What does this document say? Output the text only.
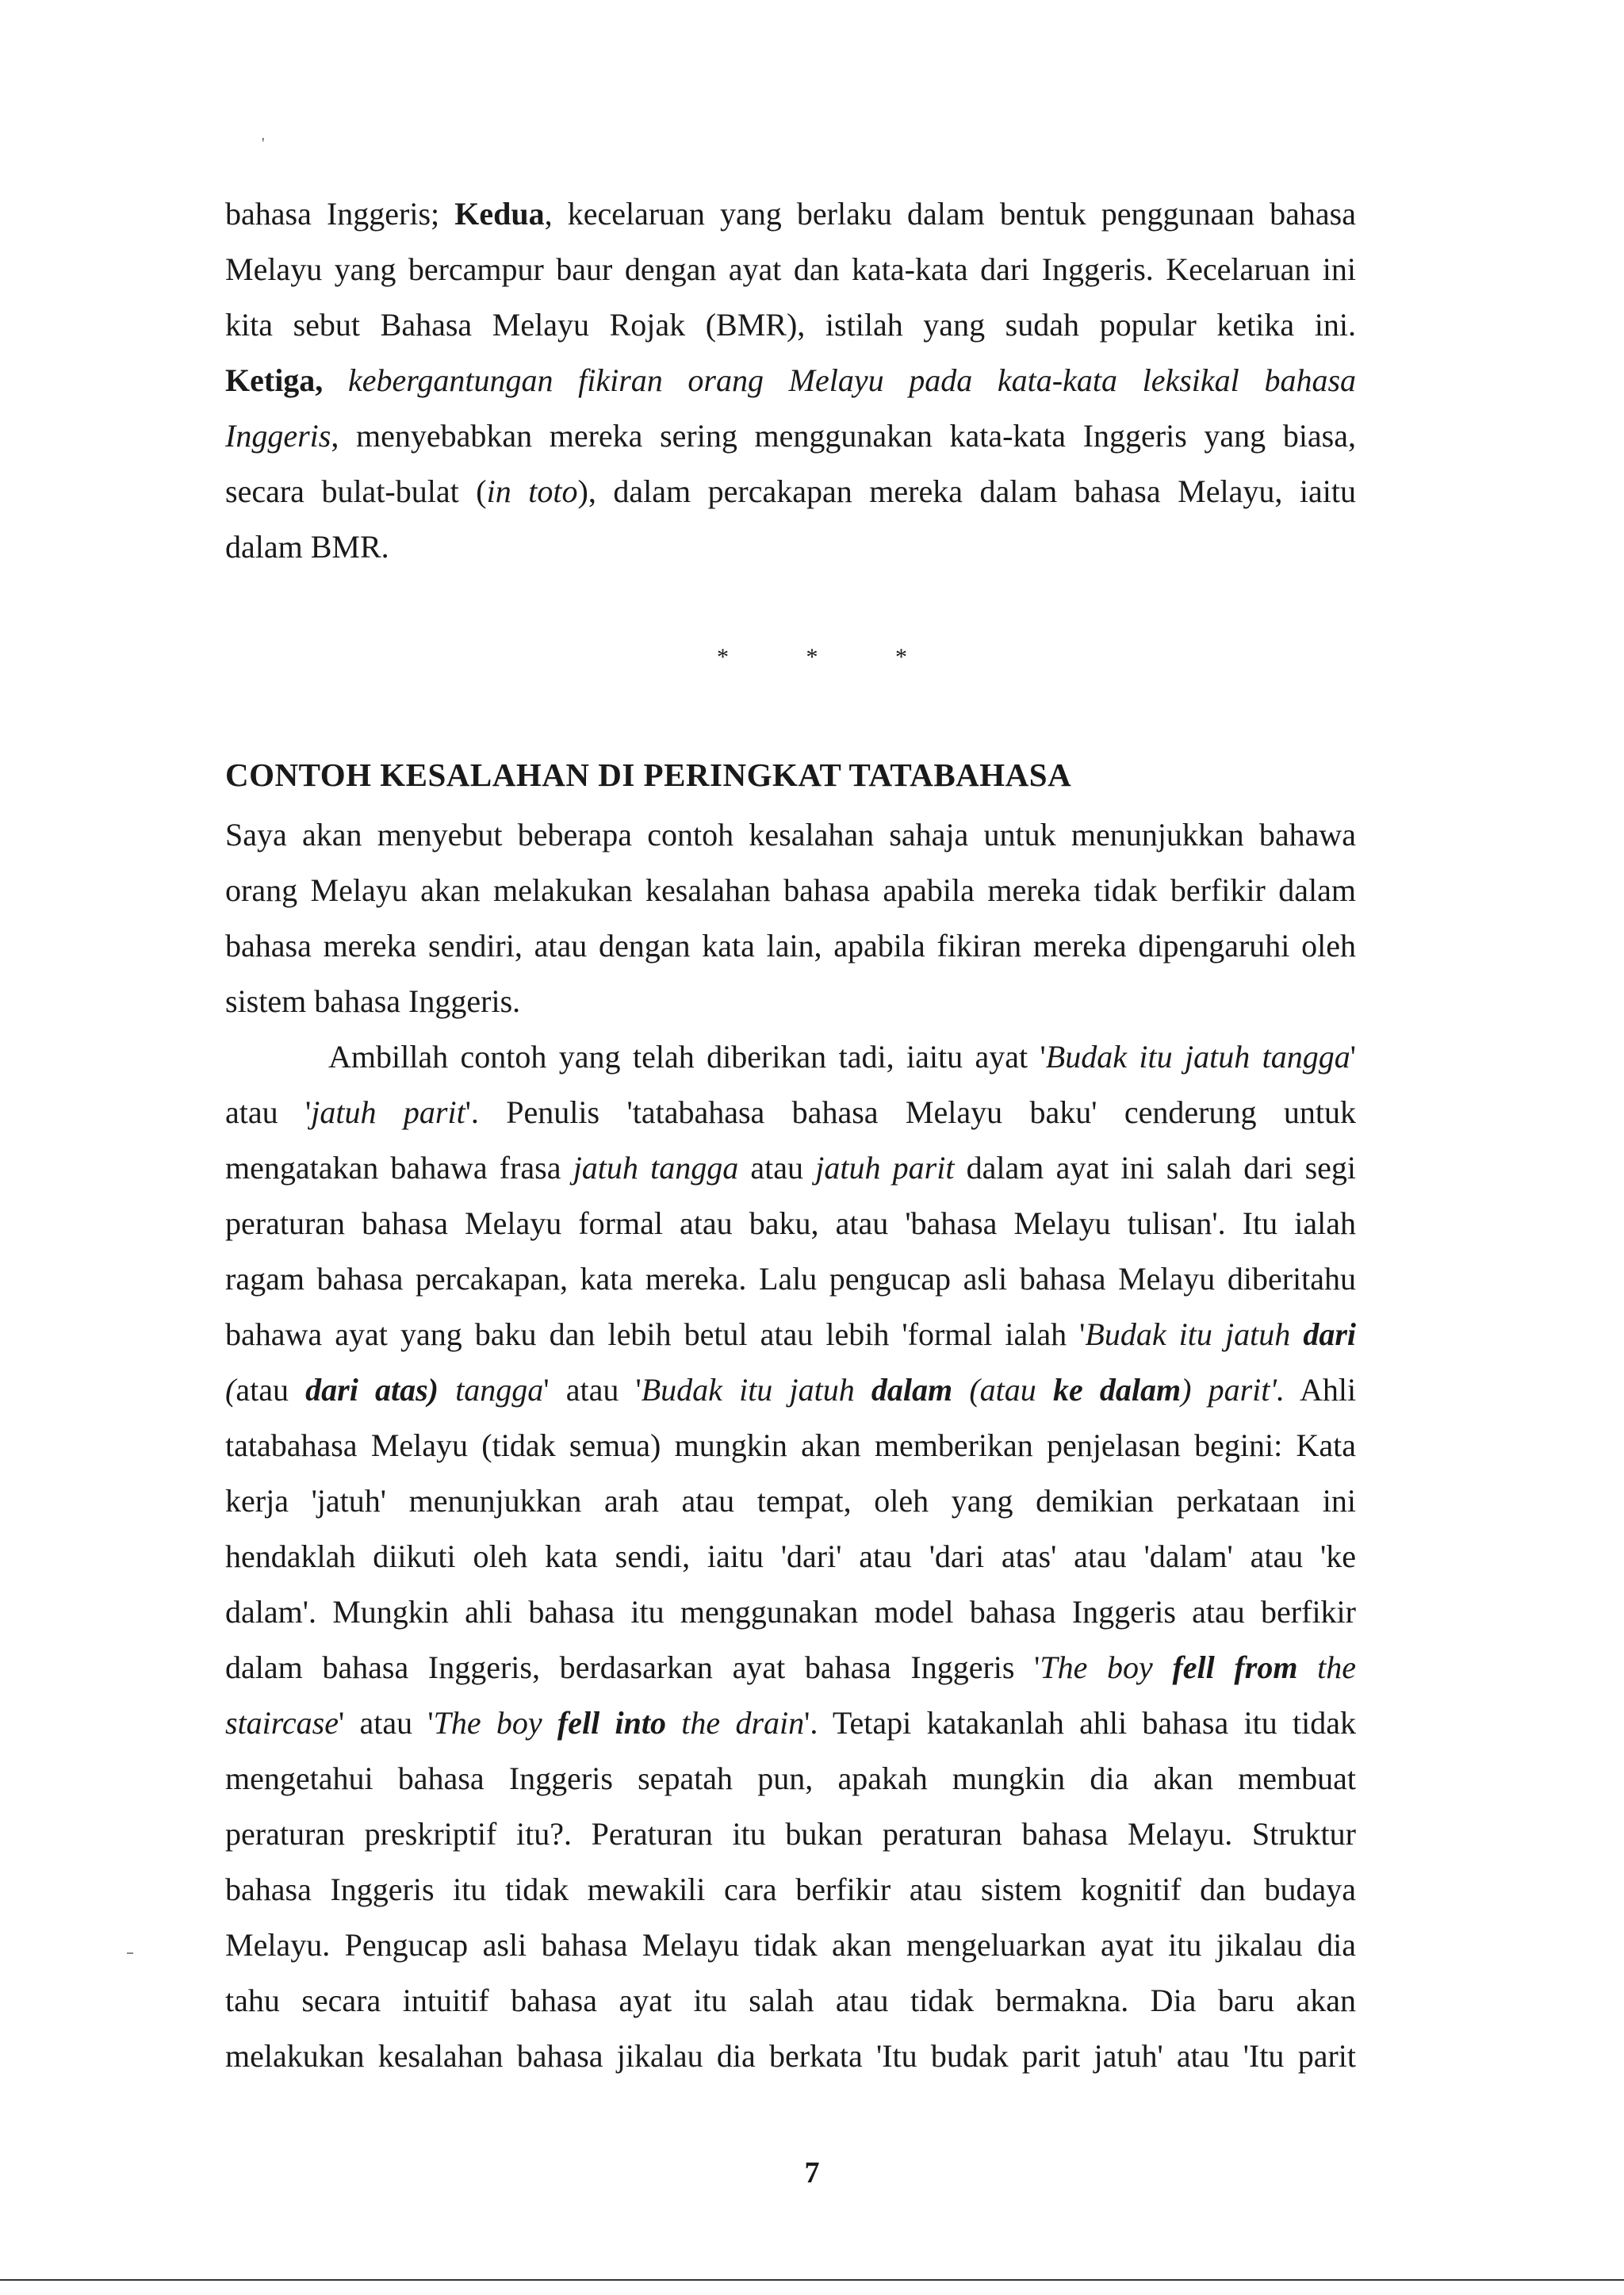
'
bahasa Inggeris; Kedua, kecelaruan yang berlaku dalam bentuk penggunaan bahasa
Melayu yang bercampur baur dengan ayat dan kata-kata dari Inggeris. Kecelaruan ini
kita sebut Bahasa Melayu Rojak (BMR), istilah yang sudah popular ketika ini.
Ketiga, kebergantungan fikiran orang Melayu pada kata-kata leksikal bahasa
Inggeris, menyebabkan mereka sering menggunakan kata-kata Inggeris yang biasa,
secara bulat-bulat (in toto), dalam percakapan mereka dalam bahasa Melayu, iaitu
dalam BMR.
*	*	*
CONTOH KESALAHAN DI PERINGKAT TATABAHASA
Saya akan menyebut beberapa contoh kesalahan sahaja untuk menunjukkan bahawa
orang Melayu akan melakukan kesalahan bahasa apabila mereka tidak berfikir dalam
bahasa mereka sendiri, atau dengan kata lain, apabila fikiran mereka dipengaruhi oleh
sistem bahasa Inggeris.
Ambillah contoh yang telah diberikan tadi, iaitu ayat 'Budak itu jatuh tangga'
atau 'jatuh parit'. Penulis 'tatabahasa bahasa Melayu baku' cenderung untuk
mengatakan bahawa frasa jatuh tangga atau jatuh parit dalam ayat ini salah dari segi
peraturan bahasa Melayu formal atau baku, atau 'bahasa Melayu tulisan'. Itu ialah
ragam bahasa percakapan, kata mereka. Lalu pengucap asli bahasa Melayu diberitahu
bahawa ayat yang baku dan lebih betul atau lebih 'formal ialah 'Budak itu jatuh dari
(atau dari atas) tangga' atau 'Budak itu jatuh dalam (atau ke dalam) parit'. Ahli
tatabahasa Melayu (tidak semua) mungkin akan memberikan penjelasan begini: Kata
kerja 'jatuh' menunjukkan arah atau tempat, oleh yang demikian perkataan ini
hendaklah diikuti oleh kata sendi, iaitu 'dari' atau 'dari atas' atau 'dalam' atau 'ke
dalam'. Mungkin ahli bahasa itu menggunakan model bahasa Inggeris atau berfikir
dalam bahasa Inggeris, berdasarkan ayat bahasa Inggeris 'The boy fell from the
staircase' atau 'The boy fell into the drain'. Tetapi katakanlah ahli bahasa itu tidak
mengetahui bahasa Inggeris sepatah pun, apakah mungkin dia akan membuat
peraturan preskriptif itu?. Peraturan itu bukan peraturan bahasa Melayu. Struktur
bahasa Inggeris itu tidak mewakili cara berfikir atau sistem kognitif dan budaya
Melayu. Pengucap asli bahasa Melayu tidak akan mengeluarkan ayat itu jikalau dia
tahu secara intuitif bahasa ayat itu salah atau tidak bermakna. Dia baru akan
melakukan kesalahan bahasa jikalau dia berkata 'Itu budak parit jatuh' atau 'Itu parit
7
